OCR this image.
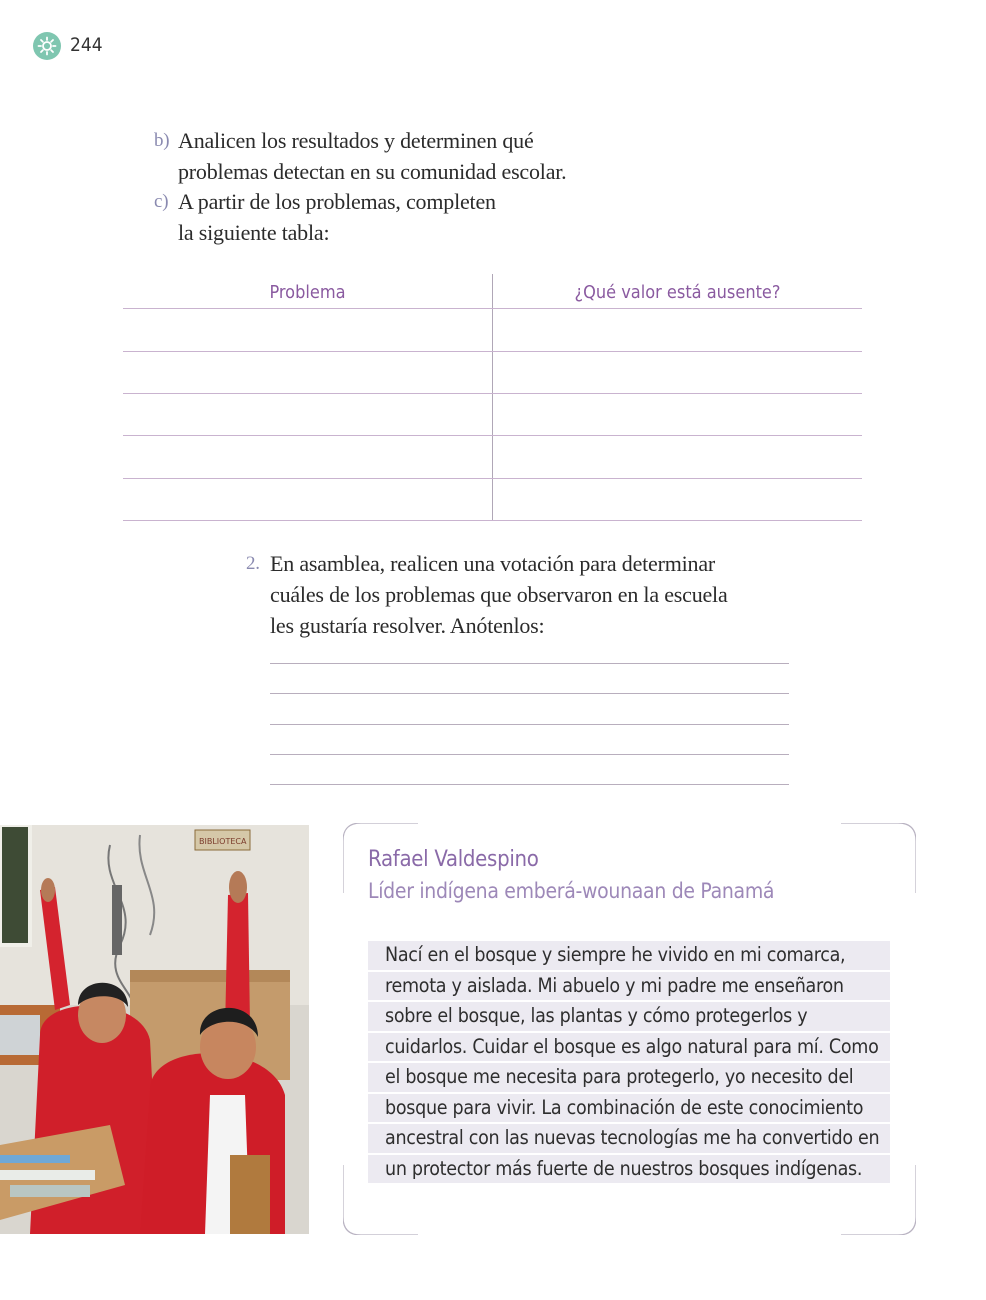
244
b) Analicen los resultados y determinen qué
problemas detectan en su comunidad escolar.
c) A partir de los problemas, completen
la siguiente tabla:
Problema	¿Qué valor está ausente?
2. En asamblea, realicen una votación para determinar
cuáles de los problemas que observaron en la escuela
les gustaría resolver. Anótenlos:
BIBLIOTECA
Rafael Valdespino
Líder indígena emberá-wounaan de Panamá
Nací en el bosque y siempre he vivido en mi comarca,
remota y aislada. Mi abuelo y mi padre me enseñaron
sobre el bosque, las plantas y cómo protegerlos y
cuidarlos. Cuidar el bosque es algo natural para mí. Como
el bosque me necesita para protegerlo, yo necesito del
bosque para vivir. La combinación de este conocimiento
ancestral con las nuevas tecnologías me ha convertido en
un protector más fuerte de nuestros bosques indígenas.
